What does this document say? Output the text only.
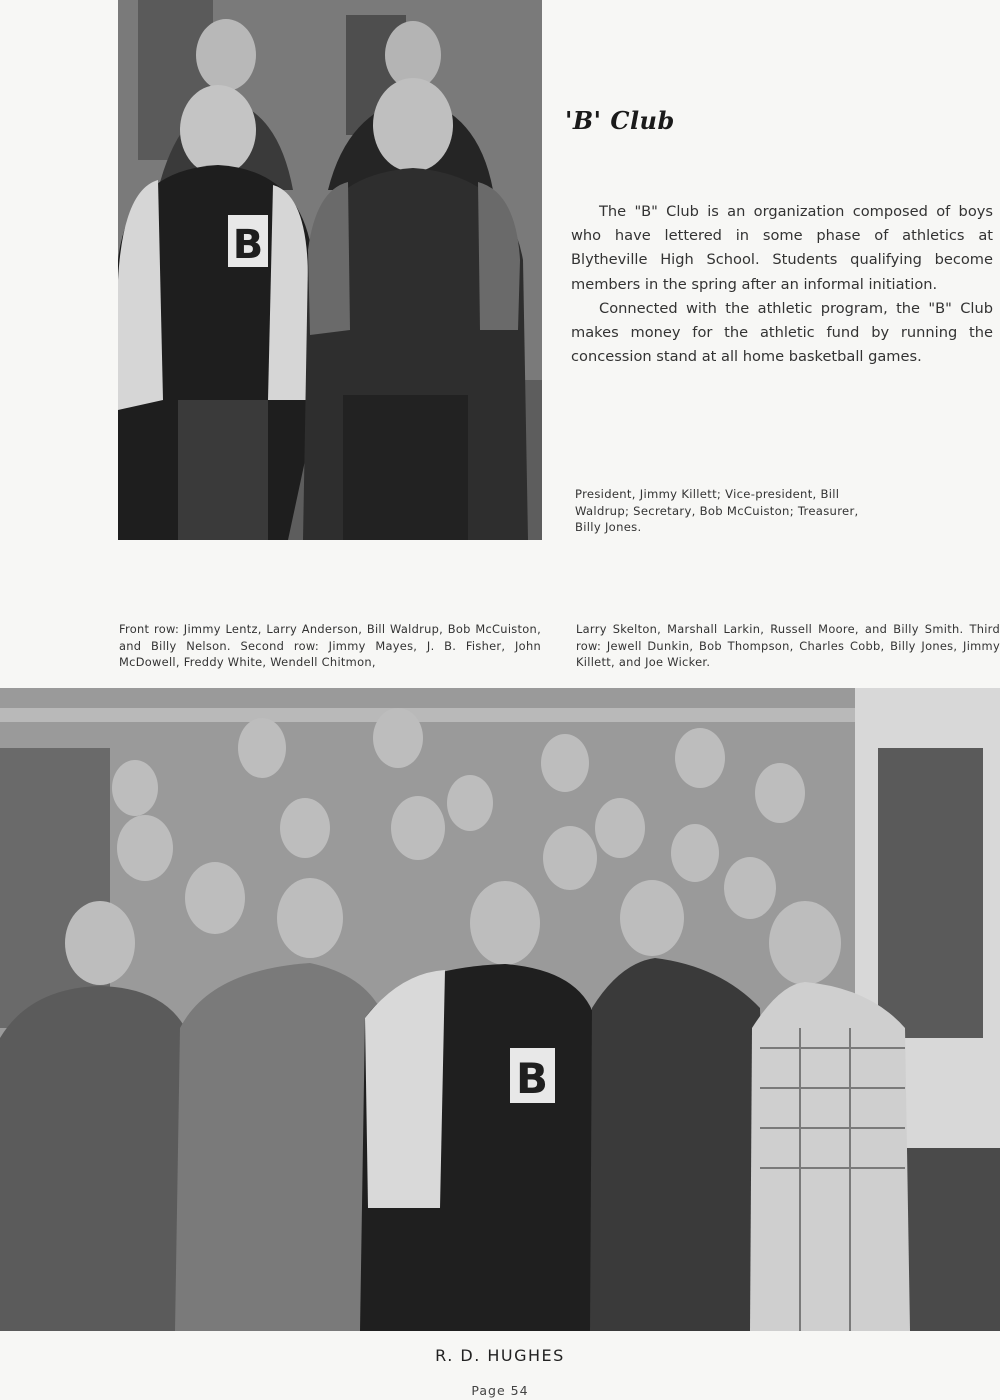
B
'B' Club

The "B" Club is an organization composed of boys who have lettered in some phase of athletics at Blytheville High School. Students qualifying become members in the spring after an informal initiation.

Connected with the athletic program, the "B" Club makes money for the athletic fund by running the concession stand at all home basketball games.

President, Jimmy Killett; Vice-president, Bill Waldrup; Secretary, Bob McCuiston; Treasurer, Billy Jones.
Front row: Jimmy Lentz, Larry Anderson, Bill Waldrup, Bob McCuiston, and Billy Nelson. Second row: Jimmy Mayes, J. B. Fisher, John McDowell, Freddy White, Wendell Chitmon,
Larry Skelton, Marshall Larkin, Russell Moore, and Billy Smith. Third row: Jewell Dunkin, Bob Thompson, Charles Cobb, Billy Jones, Jimmy Killett, and Joe Wicker.
B
R. D. HUGHES
Page 54
